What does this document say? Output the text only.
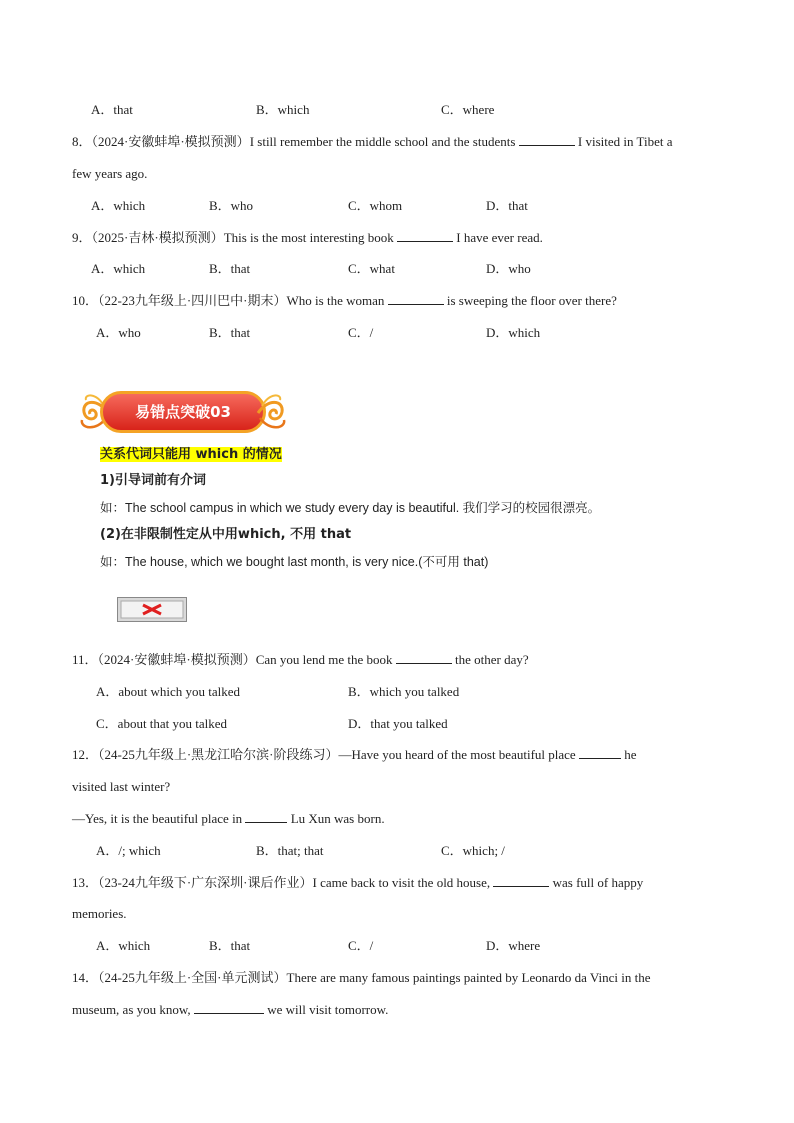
A．that	B．which	C．where
8．（2024·安徽蚌埠·模拟预测）I still remember the middle school and the students	I visited in Tibet a
few years ago.
A．which	B．who	C．whom	D．that
9．（2025·吉林·模拟预测）This is the most interesting book	I have ever read.
A．which	B．that	C．what	D．who
10．（22-23九年级上·四川巴中·期末）Who is the woman	is sweeping the floor over there?
A．who	B．that	C．/	D．which
易错点突破03
关系代词只能用 which 的情况
1)引导词前有介词
如：The school campus in which we study every day is beautiful. 我们学习的校园很漂亮。
(2)在非限制性定从中用which, 不用 that
如：The house, which we bought last month, is very nice.(不可用 that)
11．（2024·安徽蚌埠·模拟预测）Can you lend me the book	the other day?
A．about which you talked	B．which you talked
C．about that you talked	D．that you talked
12．（24-25九年级上·黑龙江哈尔滨·阶段练习）—Have you heard of the most beautiful place	he
visited last winter?
—Yes, it is the beautiful place in	Lu Xun was born.
A．/; which	B．that; that	C．which; /
13．（23-24九年级下·广东深圳·课后作业）I came back to visit the old house,	was full of happy
memories.
A．which	B．that	C．/	D．where
14．（24-25九年级上·全国·单元测试）There are many famous paintings painted by Leonardo da Vinci in the
museum, as you know,	we will visit tomorrow.
